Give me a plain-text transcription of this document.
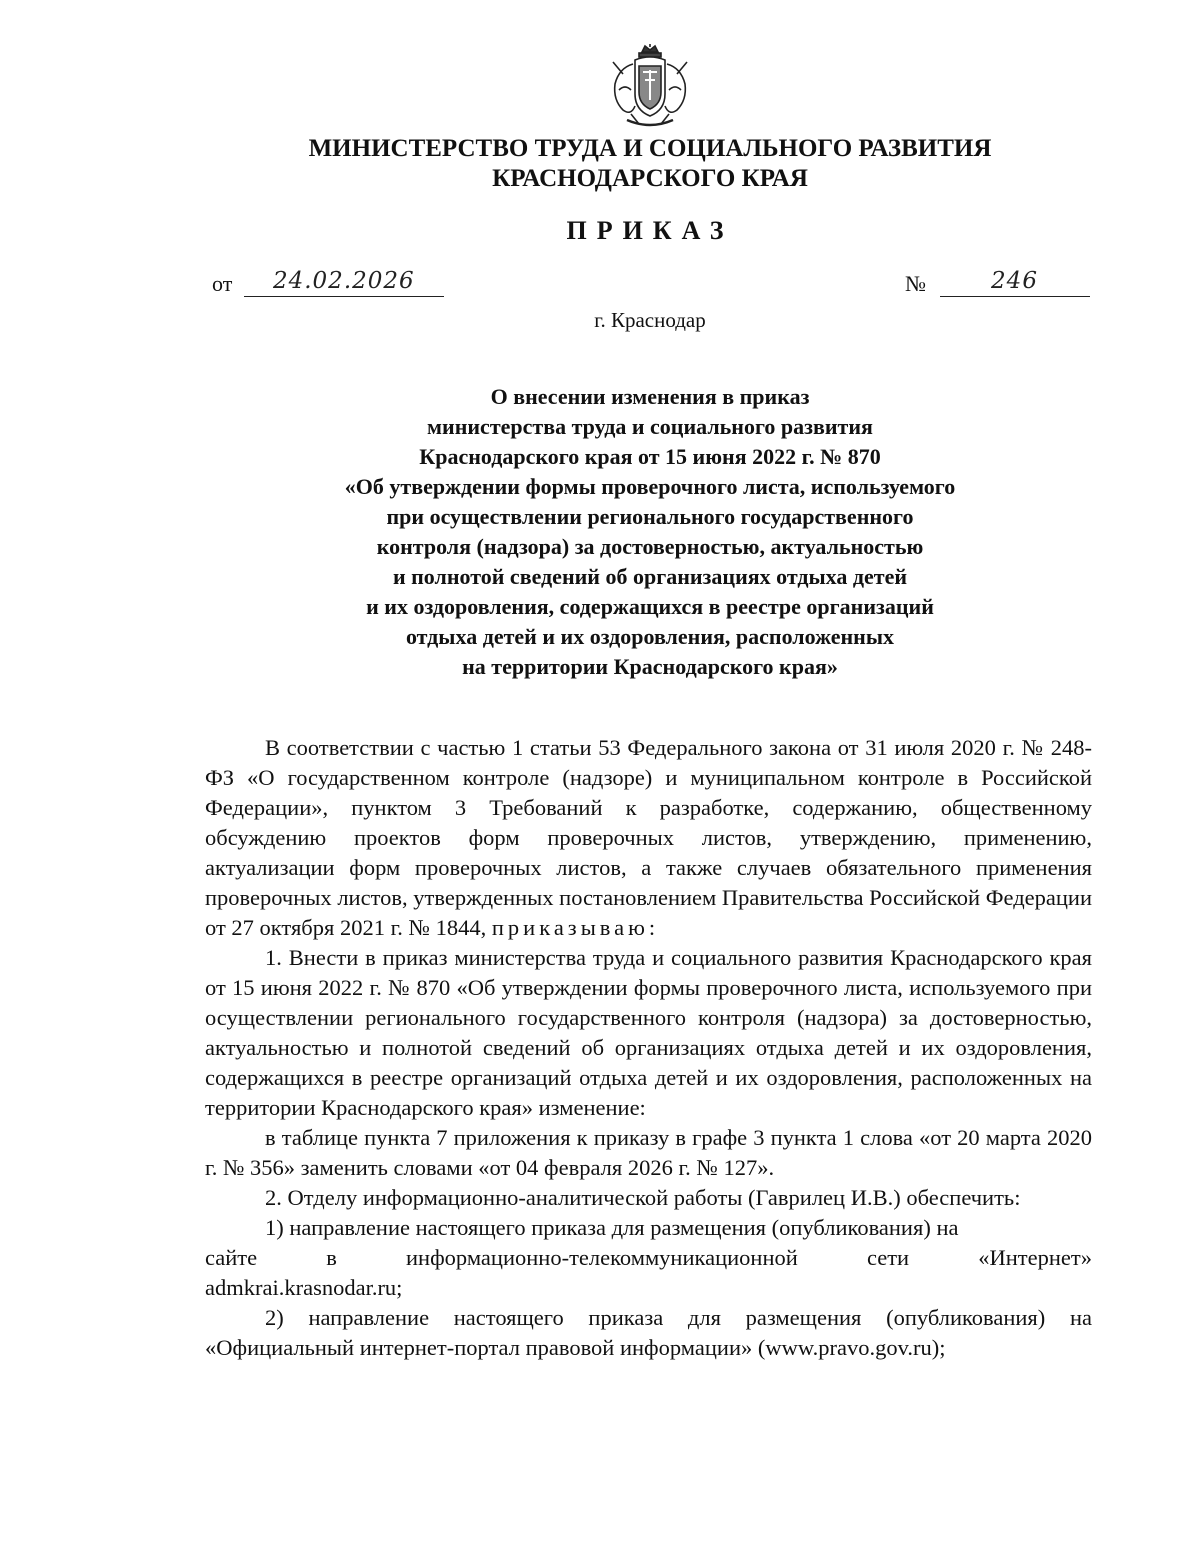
МИНИСТЕРСТВО ТРУДА И СОЦИАЛЬНОГО РАЗВИТИЯ
КРАСНОДАРСКОГО КРАЯ
ПРИКАЗ
от 24.02.2026	№	246
г. Краснодар
О внесении изменения в приказ
министерства труда и социального развития
Краснодарского края от 15 июня 2022 г. № 870
«Об утверждении формы проверочного листа, используемого
при осуществлении регионального государственного
контроля (надзора) за достоверностью, актуальностью
и полнотой сведений об организациях отдыха детей
и их оздоровления, содержащихся в реестре организаций
отдыха детей и их оздоровления, расположенных
на территории Краснодарского края»

В соответствии с частью 1 статьи 53 Федерального закона от 31 июля 2020 г. № 248-ФЗ «О государственном контроле (надзоре) и муниципальном контроле в Российской Федерации», пунктом 3 Требований к разработке, содержанию, общественному обсуждению проектов форм проверочных листов, утверждению, применению, актуализации форм проверочных листов, а также случаев обязательного применения проверочных листов, утвержденных постановлением Правительства Российской Федерации от 27 октября 2021 г. № 1844, приказываю:

1. Внести в приказ министерства труда и социального развития Краснодарского края от 15 июня 2022 г. № 870 «Об утверждении формы проверочного листа, используемого при осуществлении регионального государственного контроля (надзора) за достоверностью, актуальностью и полнотой сведений об организациях отдыха детей и их оздоровления, содержащихся в реестре организаций отдыха детей и их оздоровления, расположенных на территории Краснодарского края» изменение:

в таблице пункта 7 приложения к приказу в графе 3 пункта 1 слова «от 20 марта 2020 г. № 356» заменить словами «от 04 февраля 2026 г. № 127».

2. Отделу информационно-аналитической работы (Гаврилец И.В.) обеспечить:

1) направление настоящего приказа для размещения (опубликования) на

сайте	в	информационно-телекоммуникационной	сети	«Интернет»
admkrai.krasnodar.ru;

2) направление настоящего приказа для размещения (опубликования) на «Официальный интернет-портал правовой информации» (www.pravo.gov.ru);
